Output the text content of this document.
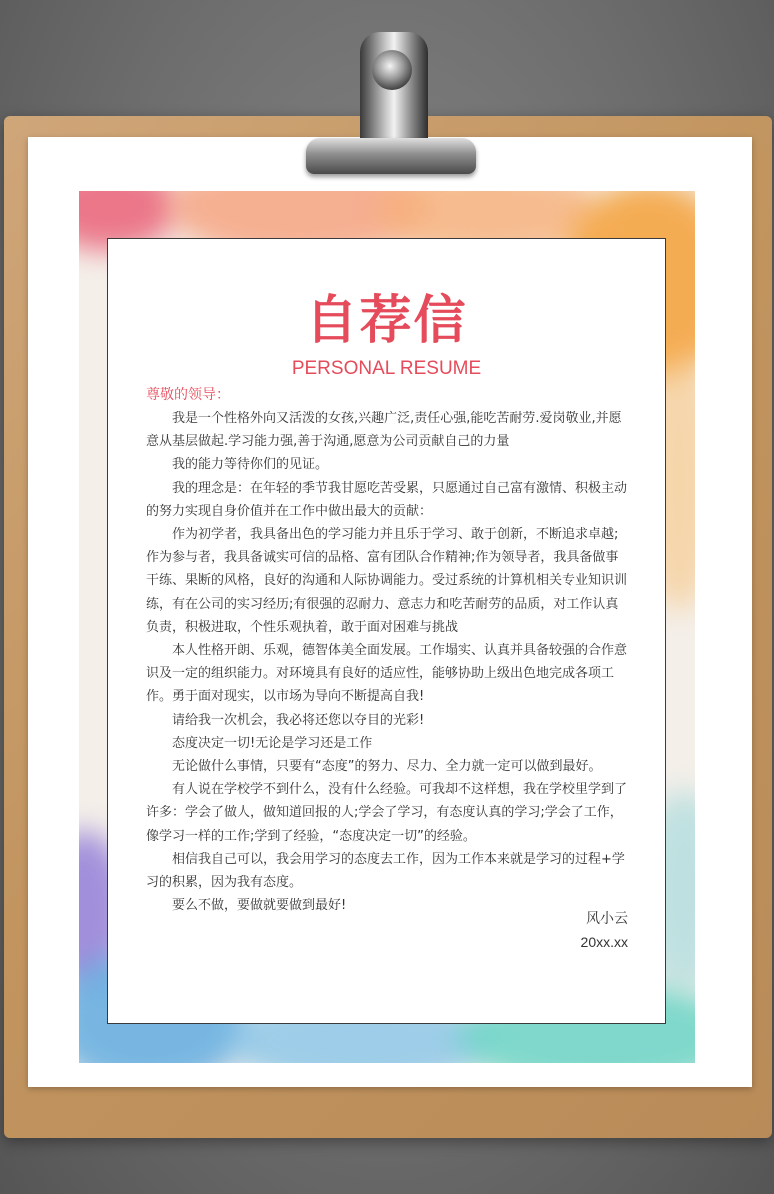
自荐信
PERSONAL RESUME
尊敬的领导：

我是一个性格外向又活泼的女孩,兴趣广泛,责任心强,能吃苦耐劳.爱岗敬业,并愿意从基层做起.学习能力强,善于沟通,愿意为公司贡献自己的力量

我的能力等待你们的见证。

我的理念是：在年轻的季节我甘愿吃苦受累，只愿通过自己富有激情、积极主动的努力实现自身价值并在工作中做出最大的贡献：

作为初学者，我具备出色的学习能力并且乐于学习、敢于创新，不断追求卓越;作为参与者，我具备诚实可信的品格、富有团队合作精神;作为领导者，我具备做事干练、果断的风格，良好的沟通和人际协调能力。受过系统的计算机相关专业知识训练，有在公司的实习经历;有很强的忍耐力、意志力和吃苦耐劳的品质，对工作认真负责，积极进取，个性乐观执着，敢于面对困难与挑战

本人性格开朗、乐观，德智体美全面发展。工作塌实、认真并具备较强的合作意识及一定的组织能力。对环境具有良好的适应性，能够协助上级出色地完成各项工作。勇于面对现实，以市场为导向不断提高自我!

请给我一次机会，我必将还您以夺目的光彩!

态度决定一切!无论是学习还是工作

无论做什么事情，只要有“态度”的努力、尽力、全力就一定可以做到最好。

有人说在学校学不到什么，没有什么经验。可我却不这样想，我在学校里学到了许多：学会了做人，做知道回报的人;学会了学习，有态度认真的学习;学会了工作，像学习一样的工作;学到了经验，“态度决定一切”的经验。

相信我自己可以，我会用学习的态度去工作，因为工作本来就是学习的过程+学习的积累，因为我有态度。

要么不做，要做就要做到最好!

风小云
20xx.xx
